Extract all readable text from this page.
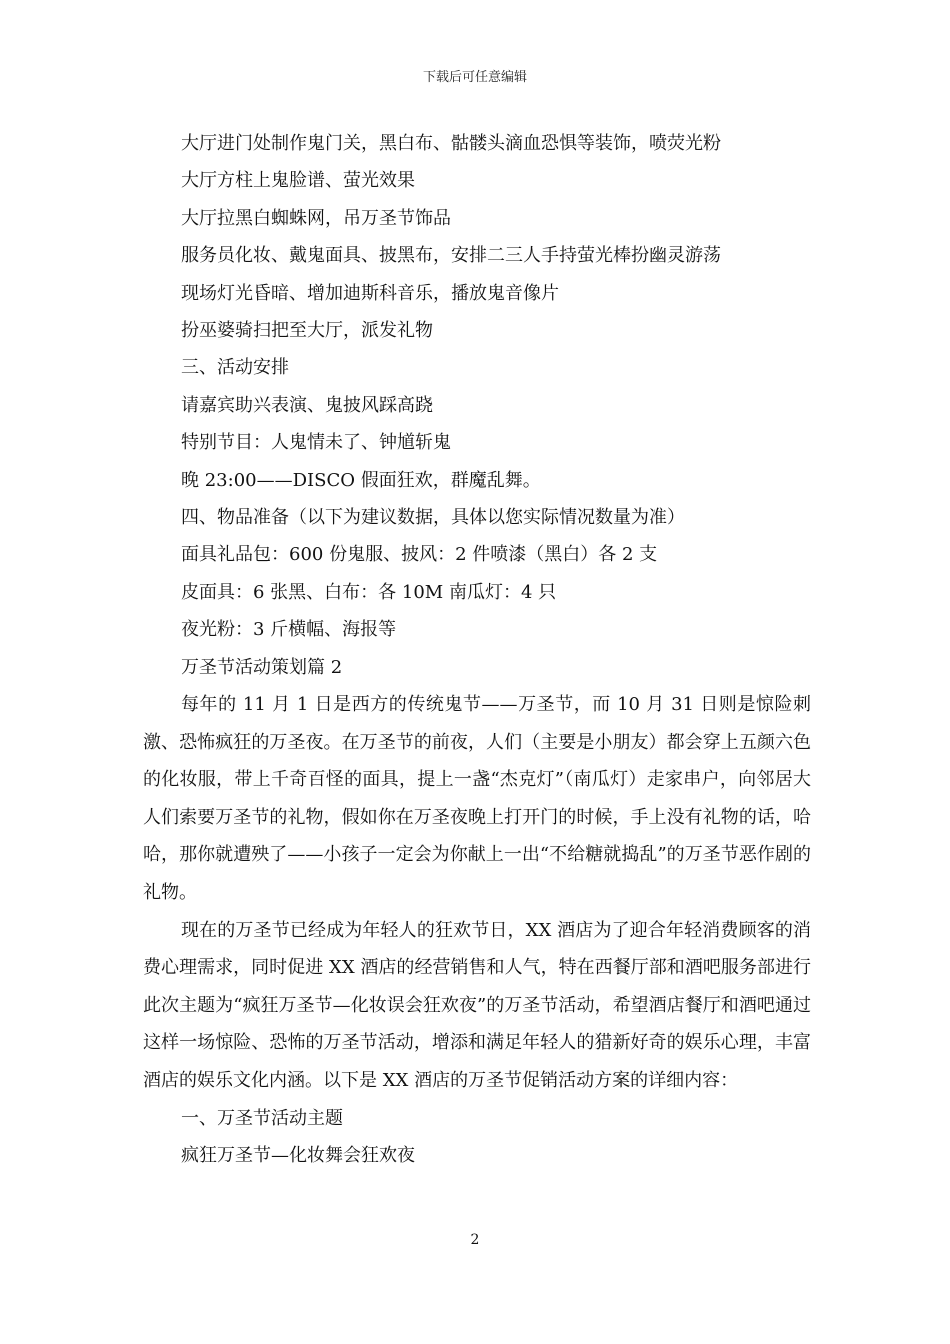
下载后可任意编辑
大厅进门处制作鬼门关，黑白布、骷髅头滴血恐惧等装饰，喷荧光粉
大厅方柱上鬼脸谱、萤光效果
大厅拉黑白蜘蛛网，吊万圣节饰品
服务员化妆、戴鬼面具、披黑布，安排二三人手持萤光棒扮幽灵游荡
现场灯光昏暗、增加迪斯科音乐，播放鬼音像片
扮巫婆骑扫把至大厅，派发礼物
三、活动安排
请嘉宾助兴表演、鬼披风踩高跷
特别节目：人鬼情未了、钟馗斩鬼
晚 23:00——DISCO 假面狂欢，群魔乱舞。
四、物品准备（以下为建议数据，具体以您实际情况数量为准）
面具礼品包：600 份鬼服、披风：2 件喷漆（黑白）各 2 支
皮面具：6 张黑、白布：各 10M 南瓜灯：4 只
夜光粉：3 斤横幅、海报等
万圣节活动策划篇 2

每年的 11 月 1 日是西方的传统鬼节——万圣节，而 10 月 31 日则是惊险刺激、恐怖疯狂的万圣夜。在万圣节的前夜，人们（主要是小朋友）都会穿上五颜六色的化妆服，带上千奇百怪的面具，提上一盏“杰克灯”（南瓜灯）走家串户，向邻居大人们索要万圣节的礼物，假如你在万圣夜晚上打开门的时候，手上没有礼物的话，哈哈，那你就遭殃了——小孩子一定会为你献上一出“不给糖就捣乱”的万圣节恶作剧的礼物。

现在的万圣节已经成为年轻人的狂欢节日，XX 酒店为了迎合年轻消费顾客的消费心理需求，同时促进 XX 酒店的经营销售和人气，特在西餐厅部和酒吧服务部进行此次主题为“疯狂万圣节—化妆误会狂欢夜”的万圣节活动，希望酒店餐厅和酒吧通过这样一场惊险、恐怖的万圣节活动，增添和满足年轻人的猎新好奇的娱乐心理，丰富酒店的娱乐文化内涵。以下是 XX 酒店的万圣节促销活动方案的详细内容：

一、万圣节活动主题
疯狂万圣节—化妆舞会狂欢夜
2
